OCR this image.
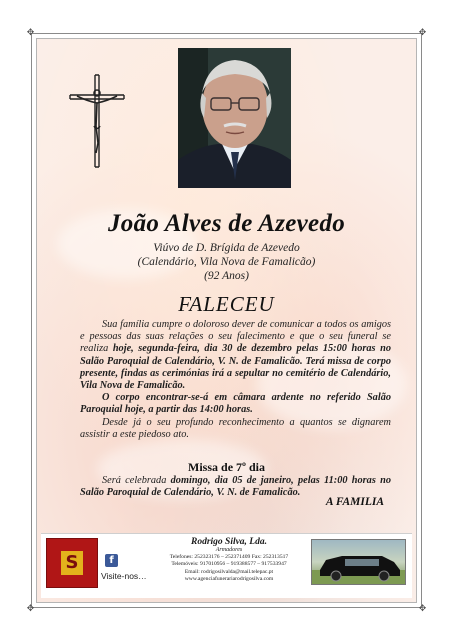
✥	✥
✥	✥
João Alves de Azevedo
Viúvo de D. Brígida de Azevedo
(Calendário, Vila Nova de Famalicão)
(92 Anos)
FALECEU

Sua família cumpre o doloroso dever de comunicar a todos os amigos e pessoas das suas relações o seu falecimento e que o seu funeral se realiza hoje, segunda-feira, dia 30 de dezembro pelas 15:00 horas no Salão Paroquial de Calendário, V. N. de Famalicão. Terá missa de corpo presente, findas as cerimónias irá a sepultar no cemitério de Calendário, Vila Nova de Famalicão.

O corpo encontrar-se-á em câmara ardente no referido Salão Paroquial hoje, a partir das 14:00 horas.

Desde já o seu profundo reconhecimento a quantos se dignarem assistir a este piedoso ato.

Missa de 7º dia

Será celebrada domingo, dia 05 de janeiro, pelas 11:00 horas no Salão Paroquial de Calendário, V. N. de Famalicão.

A FAMILIA
S	f
Visite-nos…
Rodrigo Silva, Lda.
Armadores
Telefones: 252323176 – 252371409 Fax: 252313517
Telemóveis: 917010956 – 919388577 – 917533947
Email: rodrigosilvalda@mail.telepac.pt
www.agenciafunerariarodrigosilva.com
